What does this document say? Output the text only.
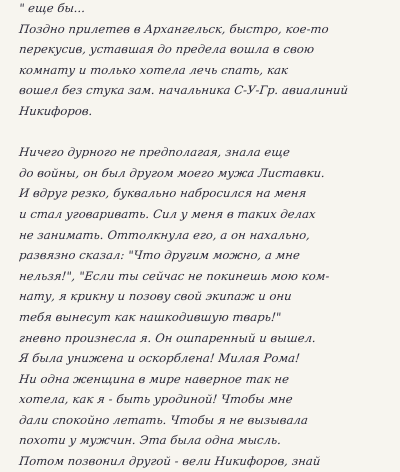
" еще бы...
Поздно прилетев в Архангельск, быстро, кое-то
перекусив, уставшая до предела вошла в свою
комнату и только хотела лечь спать, как
вошел без стука зам. начальника С-У-Гр. авиалиний
Никифоров.
Ничего дурного не предполагая, знала еще
до войны, он был другом моего мужа Листавки.
И вдруг резко, буквально набросился на меня
и стал уговаривать. Сил у меня в таких делах
не занимать. Оттолкнула его, а он нахально,
развязно сказал: "Что другим можно, а мне
нельзя!", "Если ты сейчас не покинешь мою ком-
нату, я крикну и позову свой экипаж и они
тебя вынесут как нашкодившую тварь!"
гневно произнесла я. Он ошпаренный и вышел.
Я была унижена и оскорблена! Милая Рома!
Ни одна женщина в мире наверное так не
хотела, как я - быть уродиной! Чтобы мне
дали спокойно летать. Чтобы я не вызывала
похоти у мужчин. Эта была одна мысль.
Потом позвонил другой - вели Никифоров, знай
